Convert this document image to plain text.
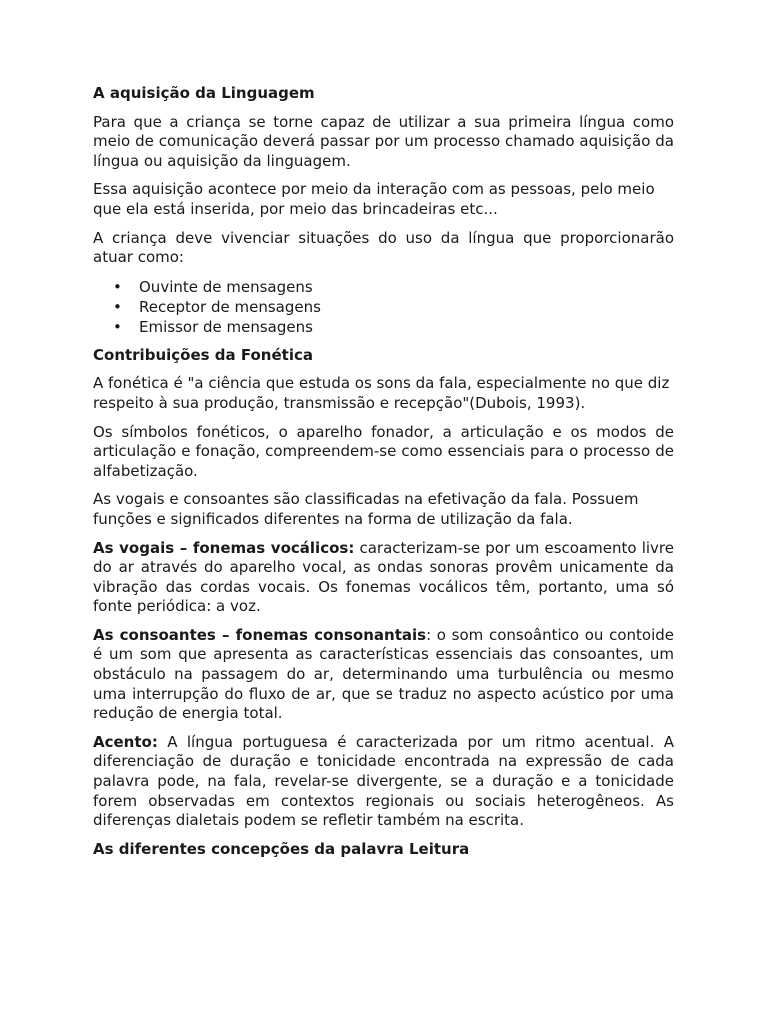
A aquisição da Linguagem

Para que a criança se torne capaz de utilizar a sua primeira língua como meio de comunicação deverá passar por um processo chamado aquisição da língua ou aquisição da linguagem.

Essa aquisição acontece por meio da interação com as pessoas, pelo meio que ela está inserida, por meio das brincadeiras etc...

A criança deve vivenciar situações do uso da língua que proporcionarão atuar como:

• Ouvinte de mensagens
• Receptor de mensagens
• Emissor de mensagens
Contribuições da Fonética

A fonética é "a ciência que estuda os sons da fala, especialmente no que diz respeito à sua produção, transmissão e recepção"(Dubois, 1993).

Os símbolos fonéticos, o aparelho fonador, a articulação e os modos de articulação e fonação, compreendem-se como essenciais para o processo de alfabetização.

As vogais e consoantes são classificadas na efetivação da fala. Possuem funções e significados diferentes na forma de utilização da fala.

As vogais – fonemas vocálicos: caracterizam-se por um escoamento livre do ar através do aparelho vocal, as ondas sonoras provêm unicamente da vibração das cordas vocais. Os fonemas vocálicos têm, portanto, uma só fonte periódica: a voz.

As consoantes – fonemas consonantais: o som consoântico ou contoide é um som que apresenta as características essenciais das consoantes, um obstáculo na passagem do ar, determinando uma turbulência ou mesmo uma interrupção do fluxo de ar, que se traduz no aspecto acústico por uma redução de energia total.

Acento: A língua portuguesa é caracterizada por um ritmo acentual. A diferenciação de duração e tonicidade encontrada na expressão de cada palavra pode, na fala, revelar-se divergente, se a duração e a tonicidade forem observadas em contextos regionais ou sociais heterogêneos. As diferenças dialetais podem se refletir também na escrita.

As diferentes concepções da palavra Leitura
